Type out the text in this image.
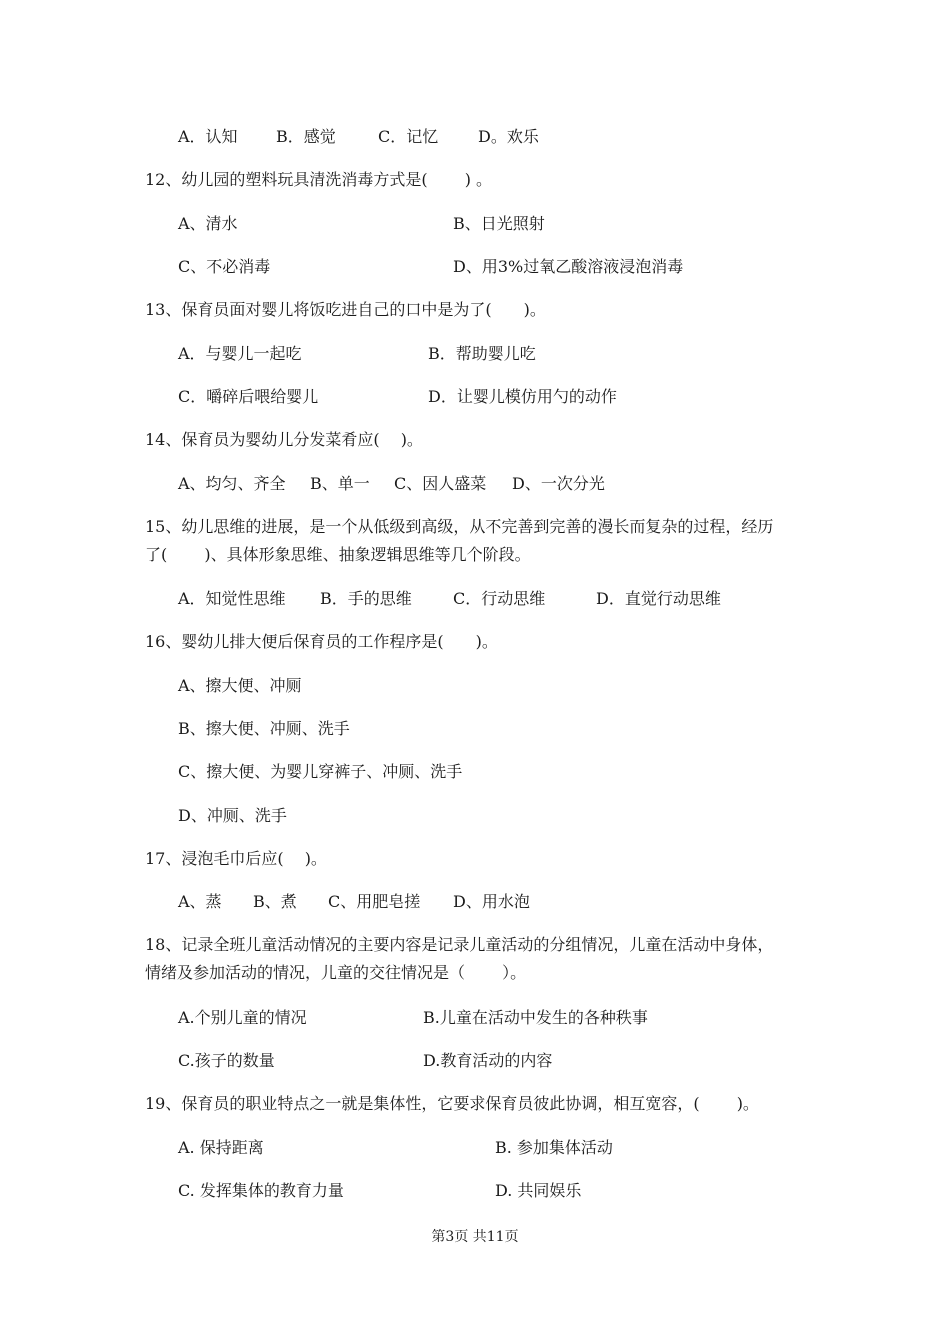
A．认知 B．感觉	C．记忆 D。欢乐
12、幼儿园的塑料玩具清洗消毒方式是(　　 ) 。
A、清水	B、日光照射
C、不必消毒	D、用3%过氧乙酸溶液浸泡消毒
13、保育员面对婴儿将饭吃进自己的口中是为了(　　)。
A．与婴儿一起吃	B．帮助婴儿吃
C．嚼碎后喂给婴儿	D．让婴儿模仿用勺的动作
14、保育员为婴幼儿分发菜肴应(　 )。
A、均匀、齐全 B、单一 C、因人盛菜 D、一次分光
15、幼儿思维的进展，是一个从低级到高级，从不完善到完善的漫长而复杂的过程，经历
了(　　 )、具体形象思维、抽象逻辑思维等几个阶段。
A．知觉性思维 B．手的思维	C．行动思维	D．直觉行动思维
16、婴幼儿排大便后保育员的工作程序是(　　)。
A、擦大便、冲厕
B、擦大便、冲厕、洗手
C、擦大便、为婴儿穿裤子、冲厕、洗手
D、冲厕、洗手
17、浸泡毛巾后应(　 )。
A、蒸 B、煮 C、用肥皂搓 D、用水泡
18、记录全班儿童活动情况的主要内容是记录儿童活动的分组情况，儿童在活动中身体，
情绪及参加活动的情况，儿童的交往情况是（　　 ）。
A.个别儿童的情况	B.儿童在活动中发生的各种秩事
C.孩子的数量	D.教育活动的内容
19、保育员的职业特点之一就是集体性，它要求保育员彼此协调，相互宽容，(　　 )。
A. 保持距离	B. 参加集体活动
C. 发挥集体的教育力量	D. 共同娱乐
第3页 共11页
